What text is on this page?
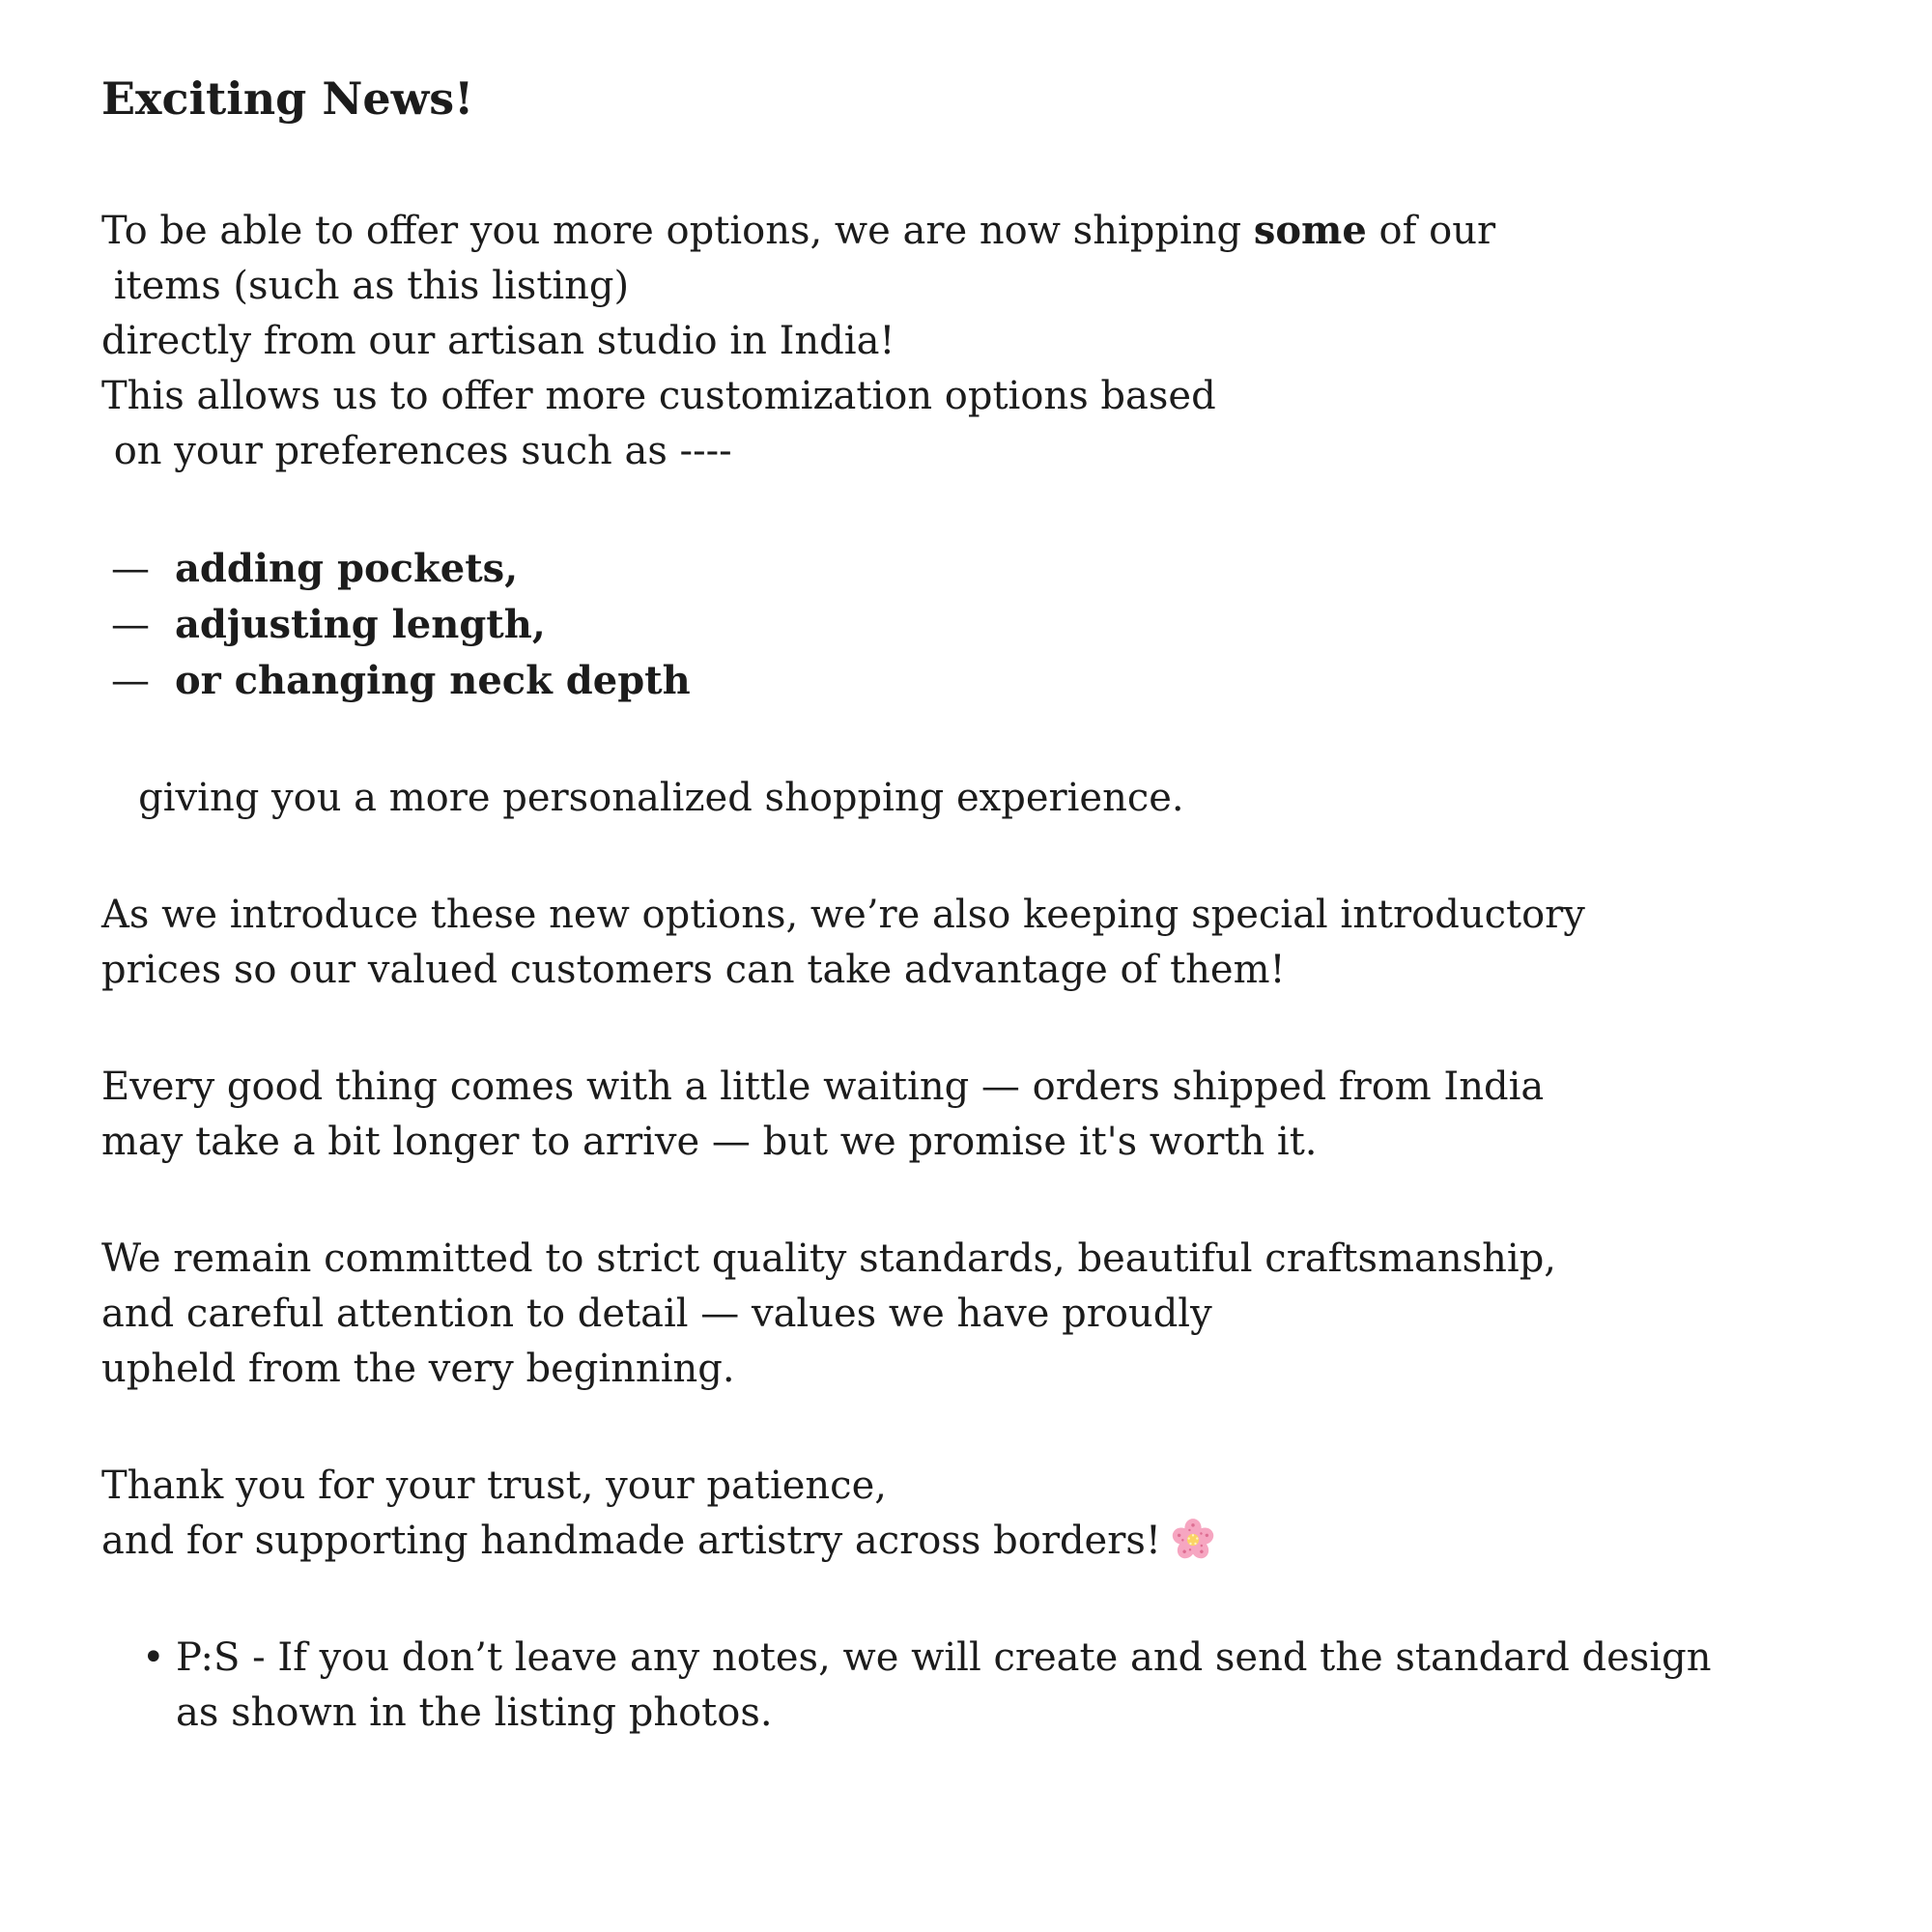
Exciting News!

To be able to offer you more options, we are now shipping some of our
items (such as this listing)
directly from our artisan studio in India!
This allows us to offer more customization options based
on your preferences such as ----

— adding pockets,
— adjusting length,
— or changing neck depth

giving you a more personalized shopping experience.

As we introduce these new options, we’re also keeping special introductory
prices so our valued customers can take advantage of them!

Every good thing comes with a little waiting — orders shipped from India
may take a bit longer to arrive — but we promise it's worth it.

We remain committed to strict quality standards, beautiful craftsmanship,
and careful attention to detail — values we have proudly
upheld from the very beginning.

Thank you for your trust, your patience,
and for supporting handmade artistry across borders!

• P:S - If you don’t leave any notes, we will create and send the standard design
as shown in the listing photos.
